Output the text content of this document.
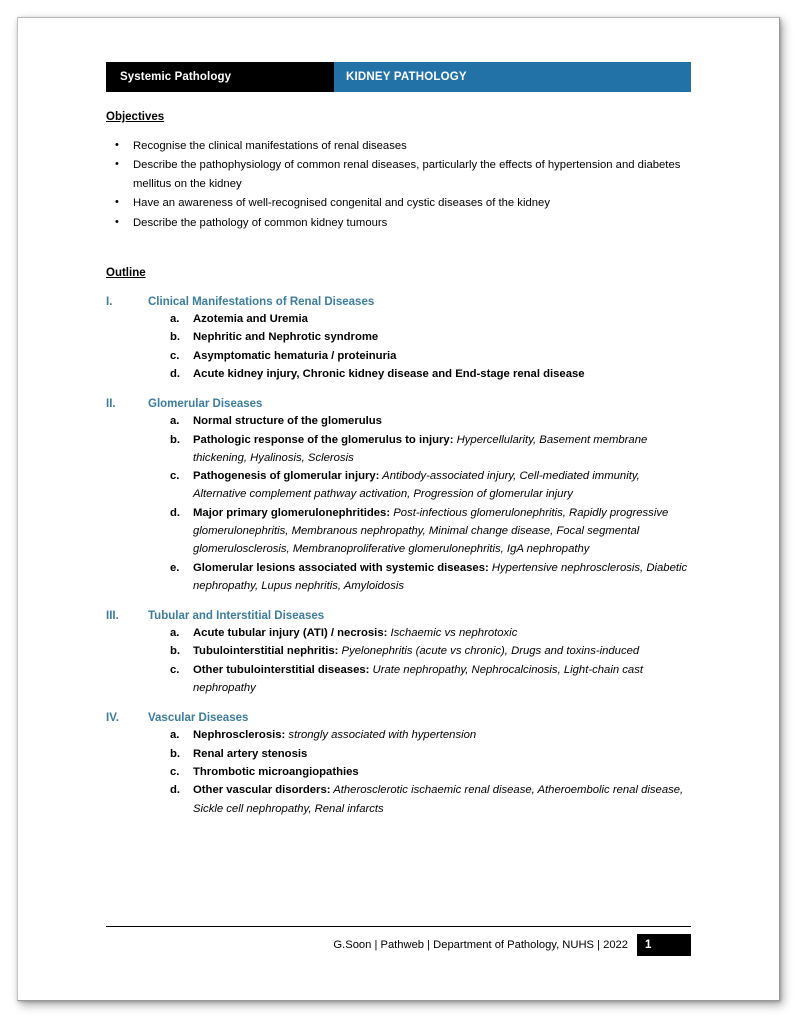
Systemic Pathology	KIDNEY PATHOLOGY
Objectives
• Recognise the clinical manifestations of renal diseases
• Describe the pathophysiology of common renal diseases, particularly the effects of hypertension and diabetes mellitus on the kidney
• Have an awareness of well-recognised congenital and cystic diseases of the kidney
• Describe the pathology of common kidney tumours
Outline
I.	Clinical Manifestations of Renal Diseases
a.	Azotemia and Uremia
b.	Nephritic and Nephrotic syndrome
c.	Asymptomatic hematuria / proteinuria
d.	Acute kidney injury, Chronic kidney disease and End-stage renal disease
II.	Glomerular Diseases
a.	Normal structure of the glomerulus
b.	Pathologic response of the glomerulus to injury: Hypercellularity, Basement membrane thickening, Hyalinosis, Sclerosis
c.	Pathogenesis of glomerular injury: Antibody-associated injury, Cell-mediated immunity, Alternative complement pathway activation, Progression of glomerular injury
d.	Major primary glomerulonephritides: Post-infectious glomerulonephritis, Rapidly progressive glomerulonephritis, Membranous nephropathy, Minimal change disease, Focal segmental glomerulosclerosis, Membranoproliferative glomerulonephritis, IgA nephropathy
e.	Glomerular lesions associated with systemic diseases: Hypertensive nephrosclerosis, Diabetic nephropathy, Lupus nephritis, Amyloidosis
III.	Tubular and Interstitial Diseases
a.	Acute tubular injury (ATI) / necrosis: Ischaemic vs nephrotoxic
b.	Tubulointerstitial nephritis: Pyelonephritis (acute vs chronic), Drugs and toxins-induced
c.	Other tubulointerstitial diseases: Urate nephropathy, Nephrocalcinosis, Light-chain cast nephropathy
IV.	Vascular Diseases
a.	Nephrosclerosis: strongly associated with hypertension
b.	Renal artery stenosis
c.	Thrombotic microangiopathies
d.	Other vascular disorders: Atherosclerotic ischaemic renal disease, Atheroembolic renal disease, Sickle cell nephropathy, Renal infarcts
G.Soon | Pathweb | Department of Pathology, NUHS | 2022	1
